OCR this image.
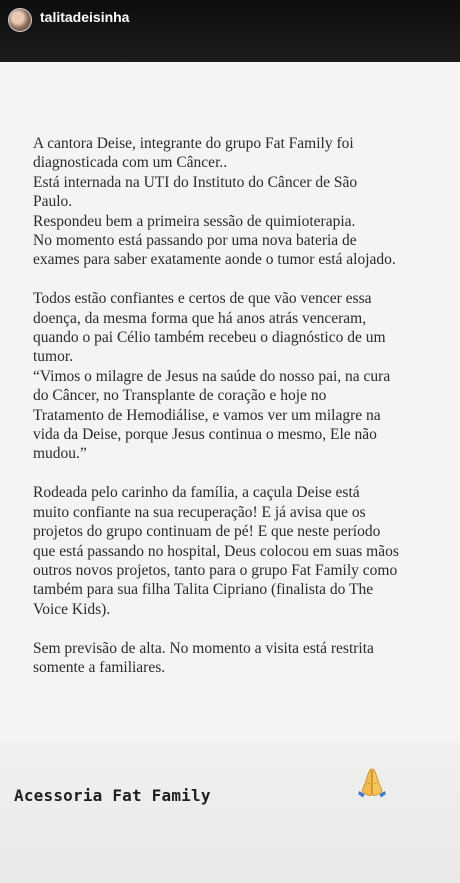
talitadeisinha
A cantora Deise, integrante do grupo Fat Family foi
diagnosticada com um Câncer..
Está internada na UTI do Instituto do Câncer de São
Paulo.
Respondeu bem a primeira sessão de quimioterapia.
No momento está passando por uma nova bateria de
exames para saber exatamente aonde o tumor está alojado.
Todos estão confiantes e certos de que vão vencer essa
doença, da mesma forma que há anos atrás venceram,
quando o pai Célio também recebeu o diagnóstico de um
tumor.
“Vimos o milagre de Jesus na saúde do nosso pai, na cura
do Câncer, no Transplante de coração e hoje no
Tratamento de Hemodiálise, e vamos ver um milagre na
vida da Deise, porque Jesus continua o mesmo, Ele não
mudou.”
Rodeada pelo carinho da família, a caçula Deise está
muito confiante na sua recuperação! E já avisa que os
projetos do grupo continuam de pé! E que neste período
que está passando no hospital, Deus colocou em suas mãos
outros novos projetos, tanto para o grupo Fat Family como
também para sua filha Talita Cipriano (finalista do The
Voice Kids).
Sem previsão de alta. No momento a visita está restrita
somente a familiares.
Acessoria Fat Family
